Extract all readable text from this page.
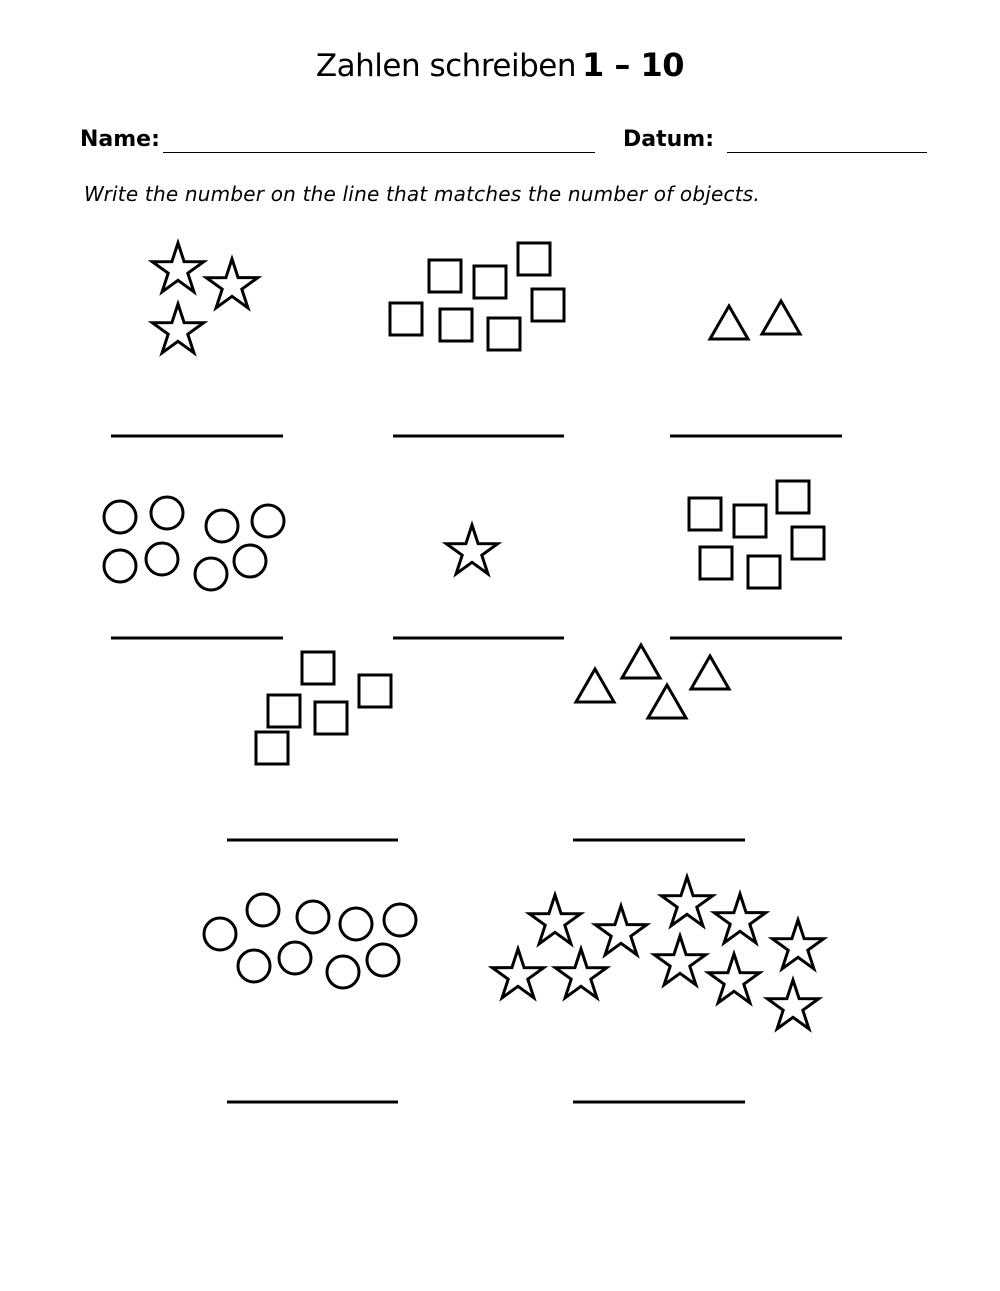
Zahlen schreiben 1 – 10
Name:	Datum:
Write the number on the line that matches the number of objects.
